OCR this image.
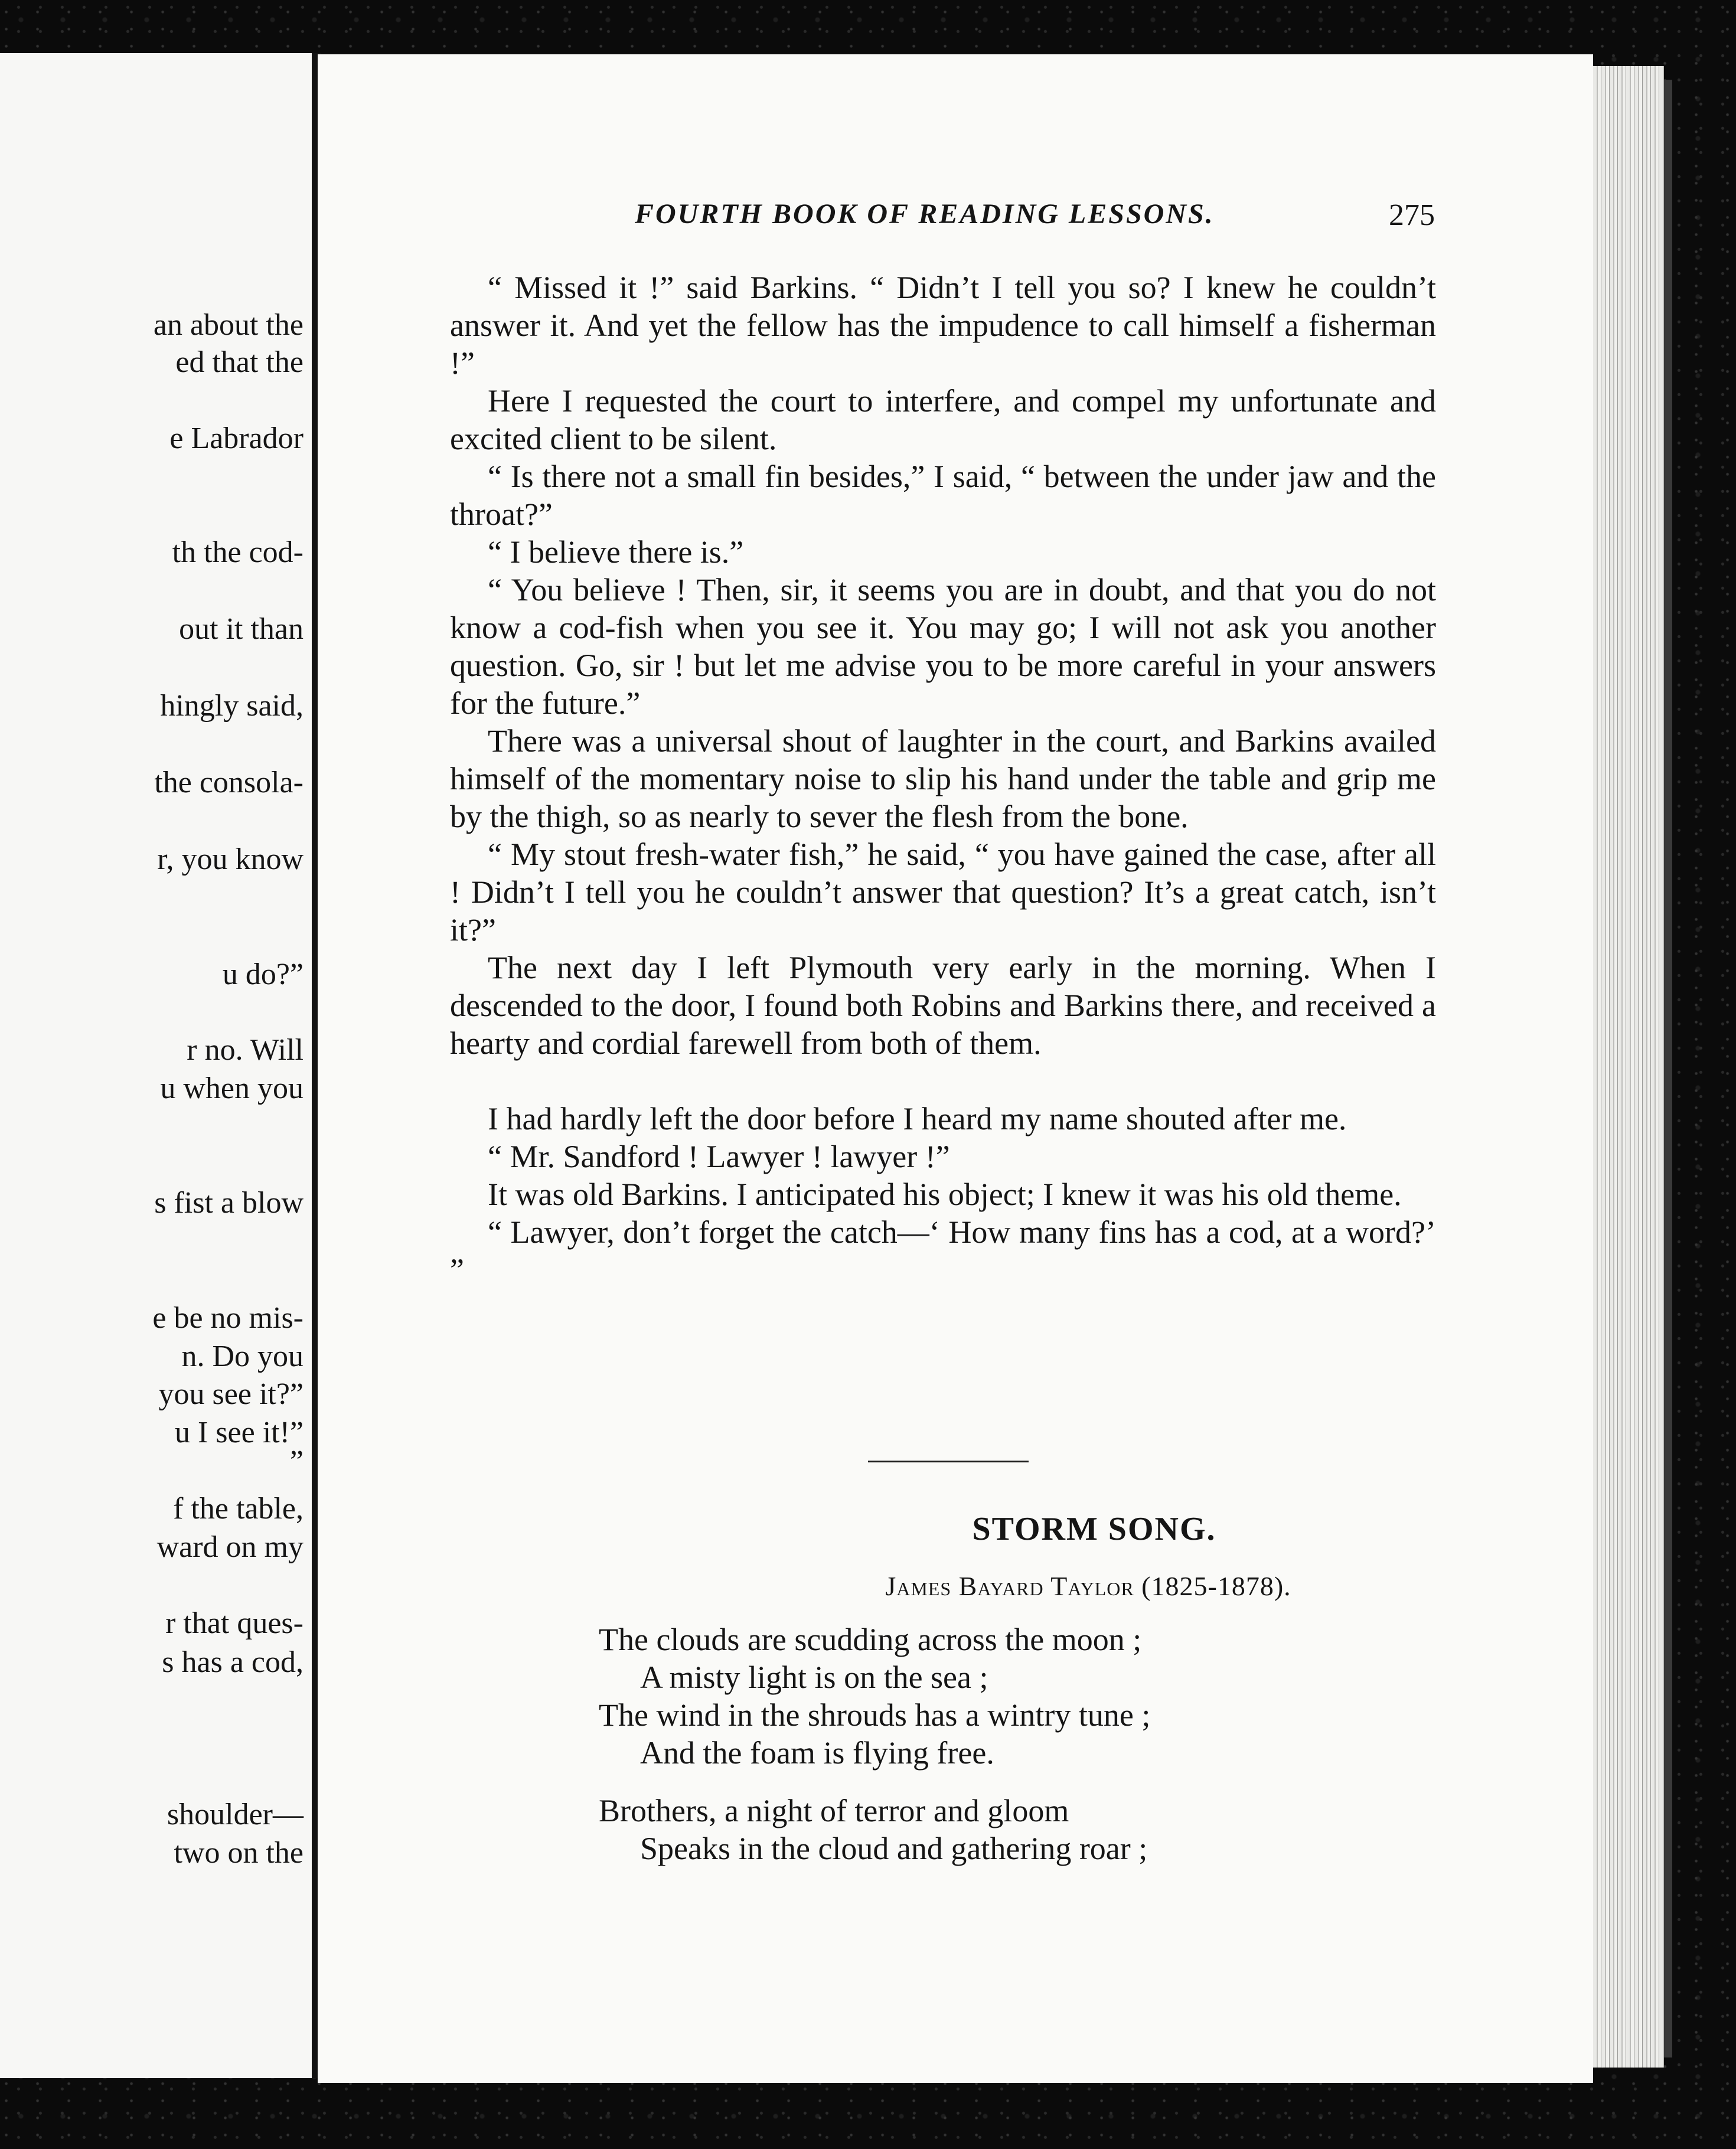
an about the
ed that the
e Labrador
th the cod-
out it than
hingly said,
the consola-
r, you know
u do?”
r no. Will
u when you
s fist a blow
e be no mis-
n. Do you
you see it?”
u I see it!”
”
f the table,
ward on my
r that ques-
s has a cod,
shoulder—
two on the
FOURTH BOOK OF READING LESSONS.	275

“ Missed it !” said Barkins. “ Didn’t I tell you so? I knew he couldn’t answer it. And yet the fellow has the impudence to call himself a fisherman !”

Here I requested the court to interfere, and compel my unfortunate and excited client to be silent.

“ Is there not a small fin besides,” I said, “ between the under jaw and the throat?”

“ I believe there is.”

“ You believe ! Then, sir, it seems you are in doubt, and that you do not know a cod-fish when you see it. You may go; I will not ask you another question. Go, sir ! but let me advise you to be more careful in your answers for the future.”

There was a universal shout of laughter in the court, and Barkins availed himself of the momentary noise to slip his hand under the table and grip me by the thigh, so as nearly to sever the flesh from the bone.

“ My stout fresh-water fish,” he said, “ you have gained the case, after all ! Didn’t I tell you he couldn’t answer that question? It’s a great catch, isn’t it?”

The next day I left Plymouth very early in the morning. When I descended to the door, I found both Robins and Barkins there, and received a hearty and cordial farewell from both of them.

I had hardly left the door before I heard my name shouted after me.

“ Mr. Sandford ! Lawyer ! lawyer !”

It was old Barkins. I anticipated his object; I knew it was his old theme.

“ Lawyer, don’t forget the catch—‘ How many fins has a cod, at a word?’ ”

STORM SONG.
James Bayard Taylor (1825-1878).
The clouds are scudding across the moon ;
A misty light is on the sea ;
The wind in the shrouds has a wintry tune ;
And the foam is flying free.
Brothers, a night of terror and gloom
Speaks in the cloud and gathering roar ;
